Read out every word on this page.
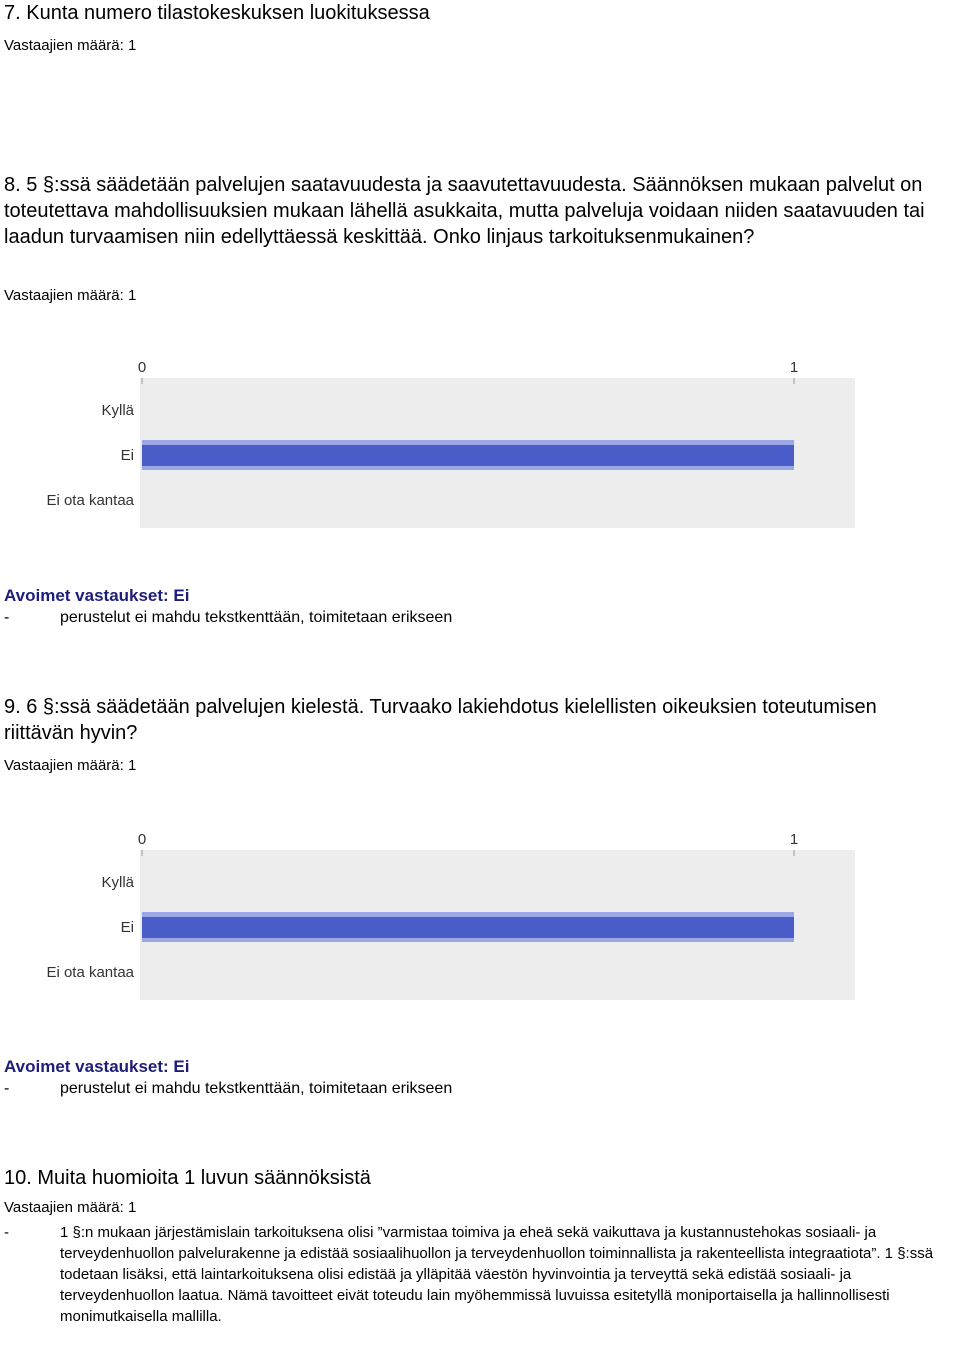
7. Kunta numero tilastokeskuksen luokituksessa
Vastaajien määrä: 1
8. 5 §:ssä säädetään palvelujen saatavuudesta ja saavutettavuudesta. Säännöksen mukaan palvelut on toteutettava mahdollisuuksien mukaan lähellä asukkaita, mutta palveluja voidaan niiden saatavuuden tai laadun turvaamisen niin edellyttäessä keskittää. Onko linjaus tarkoituksenmukainen?
Vastaajien määrä: 1
0	1
Kyllä
Ei
Ei ota kantaa
Avoimet vastaukset: Ei
-	perustelut ei mahdu tekstkenttään, toimitetaan erikseen
9. 6 §:ssä säädetään palvelujen kielestä. Turvaako lakiehdotus kielellisten oikeuksien toteutumisen riittävän hyvin?
Vastaajien määrä: 1
0	1
Kyllä
Ei
Ei ota kantaa
Avoimet vastaukset: Ei
-	perustelut ei mahdu tekstkenttään, toimitetaan erikseen
10. Muita huomioita 1 luvun säännöksistä
Vastaajien määrä: 1
-	1 §:n mukaan järjestämislain tarkoituksena olisi ”varmistaa toimiva ja eheä sekä vaikuttava ja kustannustehokas sosiaali- ja terveydenhuollon palvelurakenne ja edistää sosiaalihuollon ja terveydenhuollon toiminnallista ja rakenteellista integraatiota”. 1 §:ssä todetaan lisäksi, että laintarkoituksena olisi edistää ja ylläpitää väestön hyvinvointia ja terveyttä sekä edistää sosiaali- ja terveydenhuollon laatua. Nämä tavoitteet eivät toteudu lain myöhemmissä luvuissa esitetyllä moniportaisella ja hallinnollisesti monimutkaisella mallilla.
